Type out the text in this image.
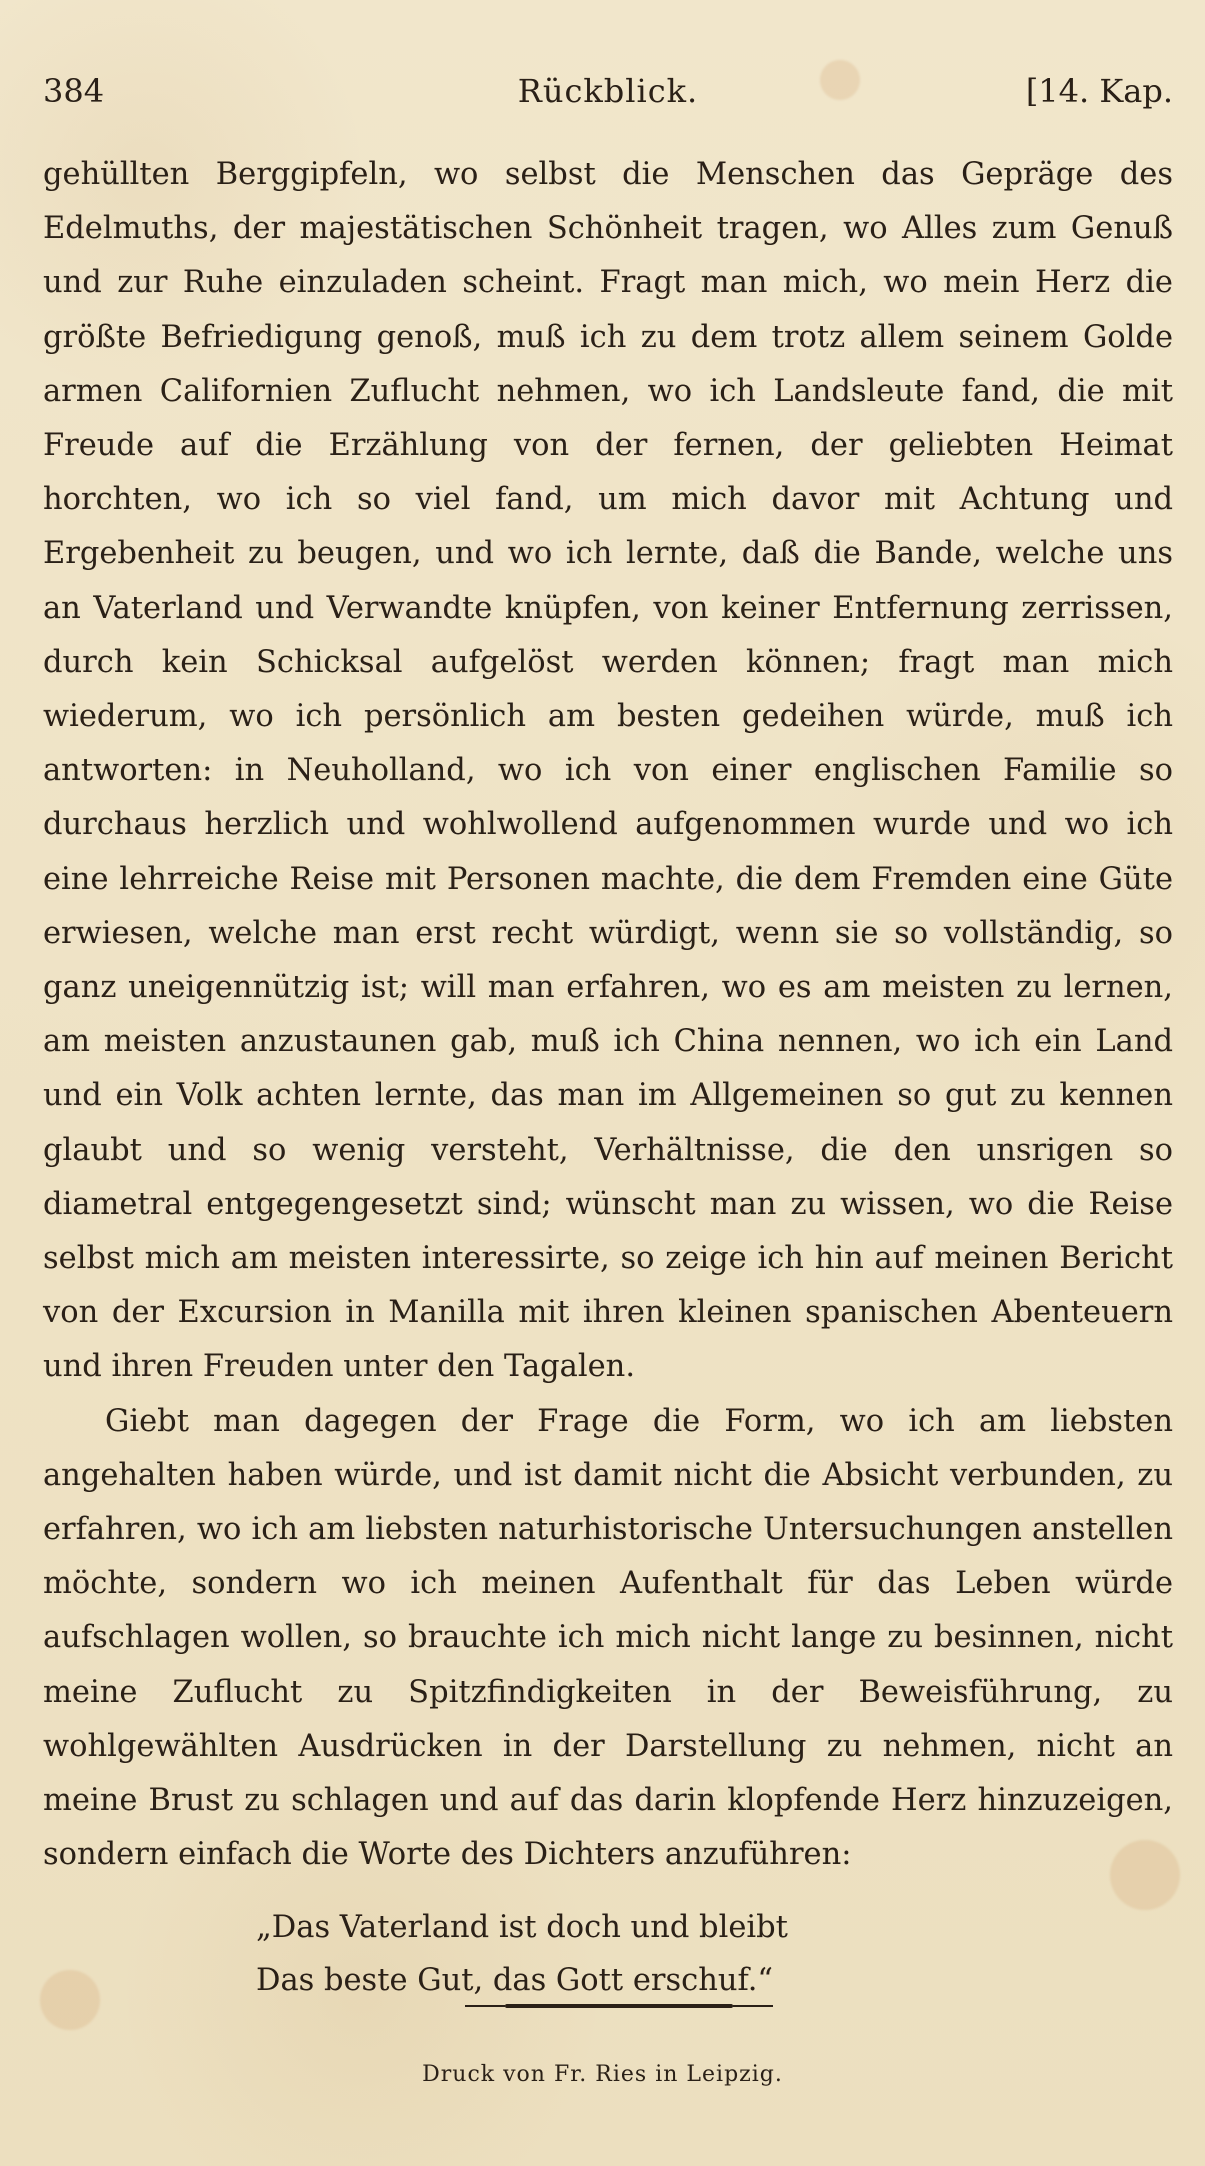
384	Rückblick.	[14. Kap.

gehüllten Berggipfeln, wo selbst die Menschen das Gepräge des Edelmuths, der majestätischen Schönheit tragen, wo Alles zum Genuß und zur Ruhe einzuladen scheint. Fragt man mich, wo mein Herz die größte Befriedigung genoß, muß ich zu dem trotz allem seinem Golde armen Californien Zuflucht nehmen, wo ich Landsleute fand, die mit Freude auf die Erzählung von der fernen, der geliebten Heimat horchten, wo ich so viel fand, um mich davor mit Achtung und Ergebenheit zu beugen, und wo ich lernte, daß die Bande, welche uns an Vaterland und Verwandte knüpfen, von keiner Entfernung zerrissen, durch kein Schicksal aufgelöst werden können; fragt man mich wiederum, wo ich persönlich am besten gedeihen würde, muß ich antworten: in Neuholland, wo ich von einer englischen Familie so durchaus herzlich und wohlwollend aufgenommen wurde und wo ich eine lehrreiche Reise mit Personen machte, die dem Fremden eine Güte erwiesen, welche man erst recht würdigt, wenn sie so vollständig, so ganz uneigennützig ist; will man erfahren, wo es am meisten zu lernen, am meisten anzustaunen gab, muß ich China nennen, wo ich ein Land und ein Volk achten lernte, das man im Allgemeinen so gut zu kennen glaubt und so wenig versteht, Verhältnisse, die den unsrigen so diametral entgegengesetzt sind; wünscht man zu wissen, wo die Reise selbst mich am meisten interessirte, so zeige ich hin auf meinen Bericht von der Excursion in Manilla mit ihren kleinen spanischen Abenteuern und ihren Freuden unter den Tagalen.

Giebt man dagegen der Frage die Form, wo ich am liebsten angehalten haben würde, und ist damit nicht die Absicht verbunden, zu erfahren, wo ich am liebsten naturhistorische Untersuchungen anstellen möchte, sondern wo ich meinen Aufenthalt für das Leben würde aufschlagen wollen, so brauchte ich mich nicht lange zu besinnen, nicht meine Zuflucht zu Spitzfindigkeiten in der Beweisführung, zu wohlgewählten Ausdrücken in der Darstellung zu nehmen, nicht an meine Brust zu schlagen und auf das darin klopfende Herz hinzuzeigen, sondern einfach die Worte des Dichters anzuführen:

„Das Vaterland ist doch und bleibt
Das beste Gut, das Gott erschuf.“
Druck von Fr. Ries in Leipzig.
